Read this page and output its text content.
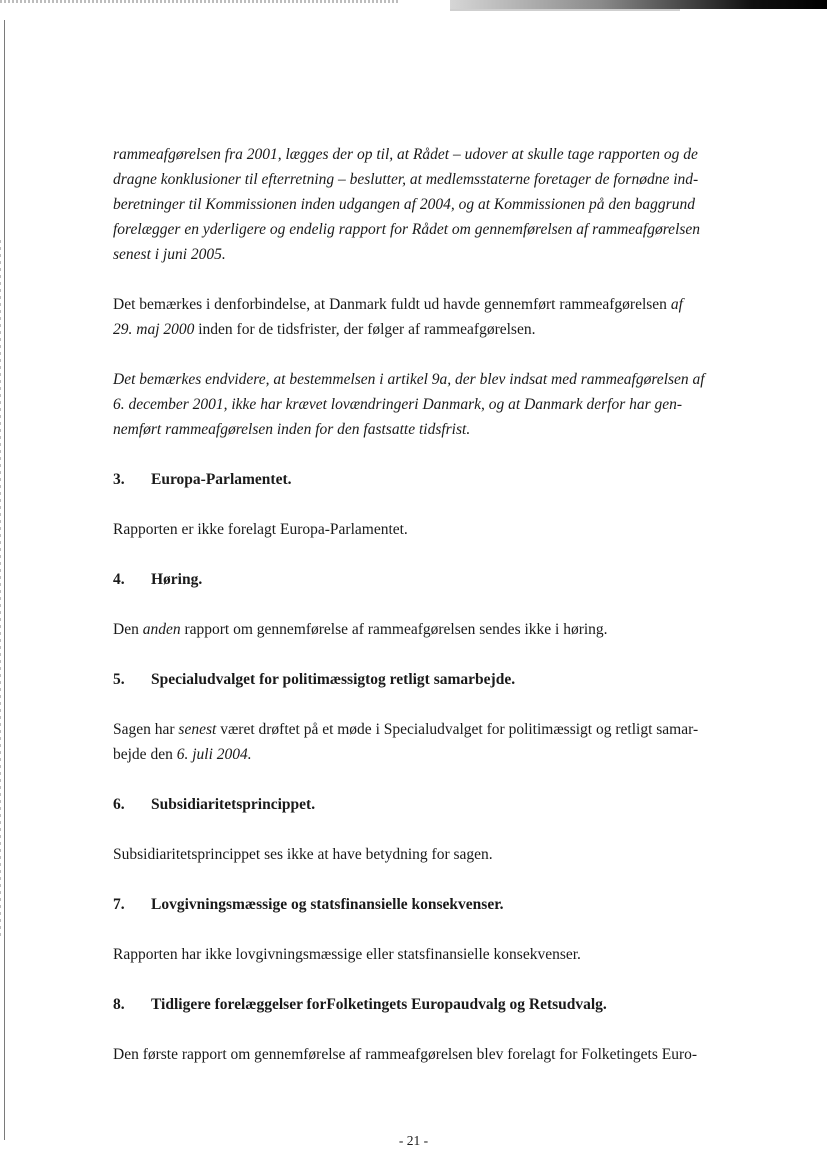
rammeafgørelsen fra 2001, lægges der op til, at Rådet – udover at skulle tage rapporten og de
dragne konklusioner til efterretning – beslutter, at medlemsstaterne foretager de fornødne ind-
beretninger til Kommissionen inden udgangen af 2004, og at Kommissionen på den baggrund
forelægger en yderligere og endelig rapport for Rådet om gennemførelsen af rammeafgørelsen
senest i juni 2005.
Det bemærkes i denforbindelse, at Danmark fuldt ud havde gennemført rammeafgørelsen af
29. maj 2000 inden for de tidsfrister, der følger af rammeafgørelsen.
Det bemærkes endvidere, at bestemmelsen i artikel 9a, der blev indsat med rammeafgørelsen af
6. december 2001, ikke har krævet lovændringeri Danmark, og at Danmark derfor har gen-
nemført rammeafgørelsen inden for den fastsatte tidsfrist.
3.	Europa-Parlamentet.
Rapporten er ikke forelagt Europa-Parlamentet.
4.	Høring.
Den anden rapport om gennemførelse af rammeafgørelsen sendes ikke i høring.
5.	Specialudvalget for politimæssigtog retligt samarbejde.
Sagen har senest været drøftet på et møde i Specialudvalget for politimæssigt og retligt samar-
bejde den 6. juli 2004.
6.	Subsidiaritetsprincippet.
Subsidiaritetsprincippet ses ikke at have betydning for sagen.
7.	Lovgivningsmæssige og statsfinansielle konsekvenser.
Rapporten har ikke lovgivningsmæssige eller statsfinansielle konsekvenser.
8.	Tidligere forelæggelser forFolketingets Europaudvalg og Retsudvalg.
Den første rapport om gennemførelse af rammeafgørelsen blev forelagt for Folketingets Euro-
- 21 -
